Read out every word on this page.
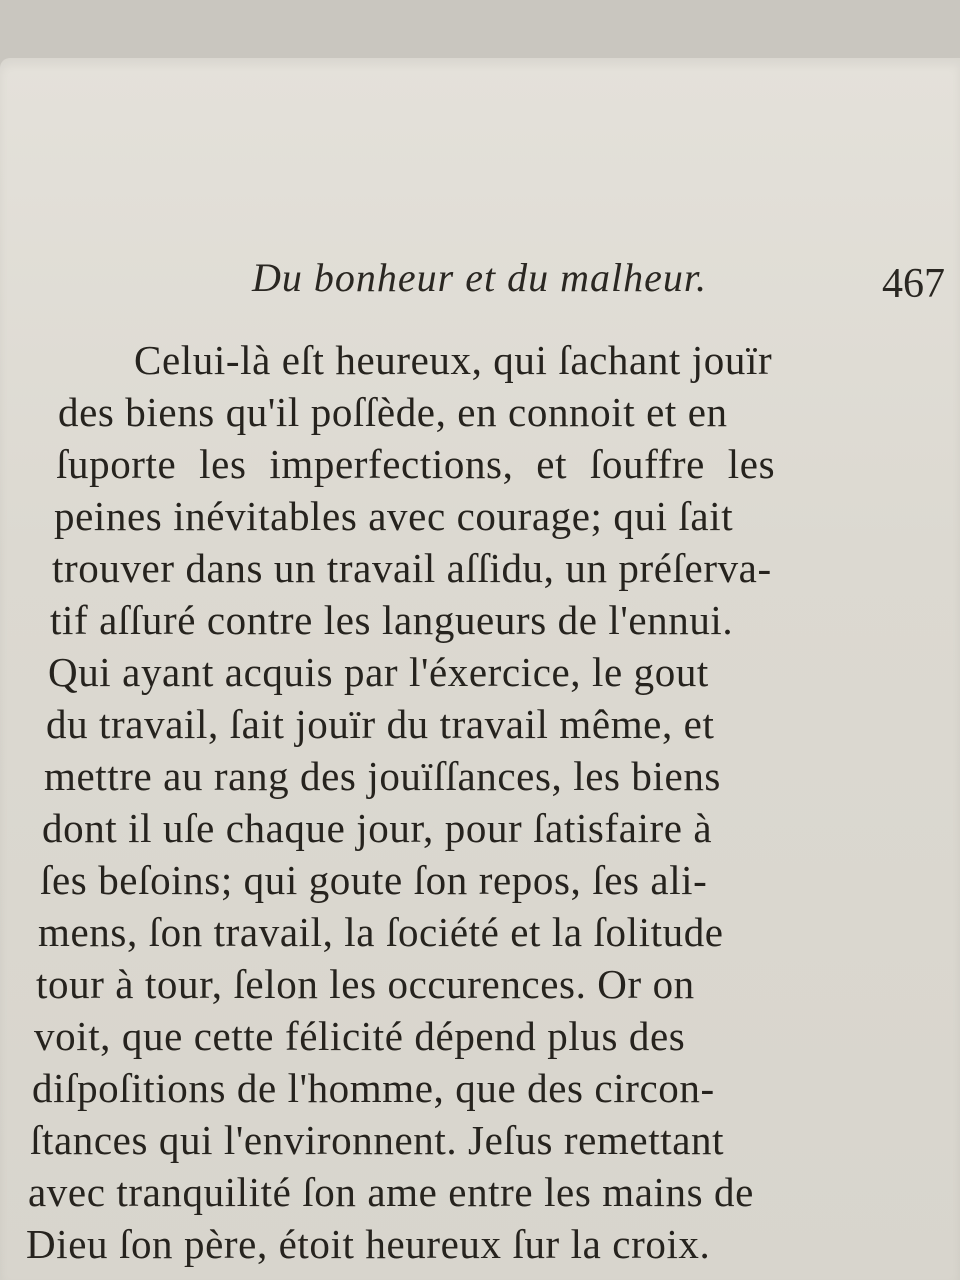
Du bonheur et du malheur.	467
Celui-là eſt heureux, qui ſachant jouïr
des biens qu'il poſſède, en connoit et en
ſuporte les imperfections, et ſouffre les
peines inévitables avec courage; qui ſait
trouver dans un travail aſſidu, un préſerva-
tif aſſuré contre les langueurs de l'ennui.
Qui ayant acquis par l'éxercice, le gout
du travail, ſait jouïr du travail même, et
mettre au rang des jouïſſances, les biens
dont il uſe chaque jour, pour ſatisfaire à
ſes beſoins; qui goute ſon repos, ſes ali-
mens, ſon travail, la ſociété et la ſolitude
tour à tour, ſelon les occurences. Or on
voit, que cette félicité dépend plus des
diſpoſitions de l'homme, que des circon-
ſtances qui l'environnent. Jeſus remettant
avec tranquilité ſon ame entre les mains de
Dieu ſon père, étoit heureux ſur la croix.
